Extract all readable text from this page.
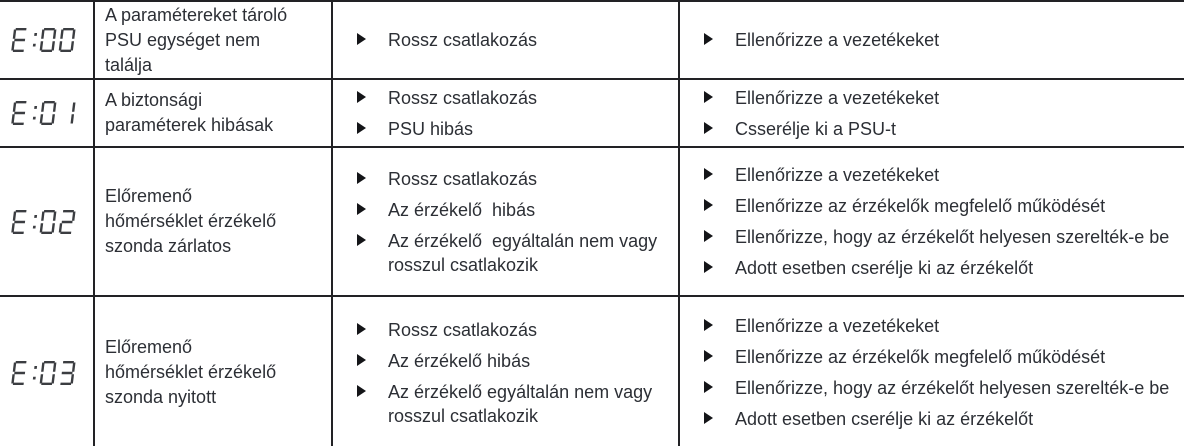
A paramétereket tároló
PSU egységet nem
találja
Rossz csatlakozás	Ellenőrizze a vezetékeket
A biztonsági
paraméterek hibásak
Rossz csatlakozás
PSU hibás
Ellenőrizze a vezetékeket
Csserélje ki a PSU-t
Előremenő
hőmérséklet érzékelő
szonda zárlatos
Rossz csatlakozás
Az érzékelő  hibás
Az érzékelő  egyáltalán nem vagy rosszul csatlakozik
Ellenőrizze a vezetékeket
Ellenőrizze az érzékelők megfelelő működését
Ellenőrizze, hogy az érzékelőt helyesen szerelték-e be
Adott esetben cserélje ki az érzékelőt
Előremenő
hőmérséklet érzékelő
szonda nyitott
Rossz csatlakozás
Az érzékelő hibás
Az érzékelő egyáltalán nem vagy rosszul csatlakozik
Ellenőrizze a vezetékeket
Ellenőrizze az érzékelők megfelelő működését
Ellenőrizze, hogy az érzékelőt helyesen szerelték-e be
Adott esetben cserélje ki az érzékelőt
